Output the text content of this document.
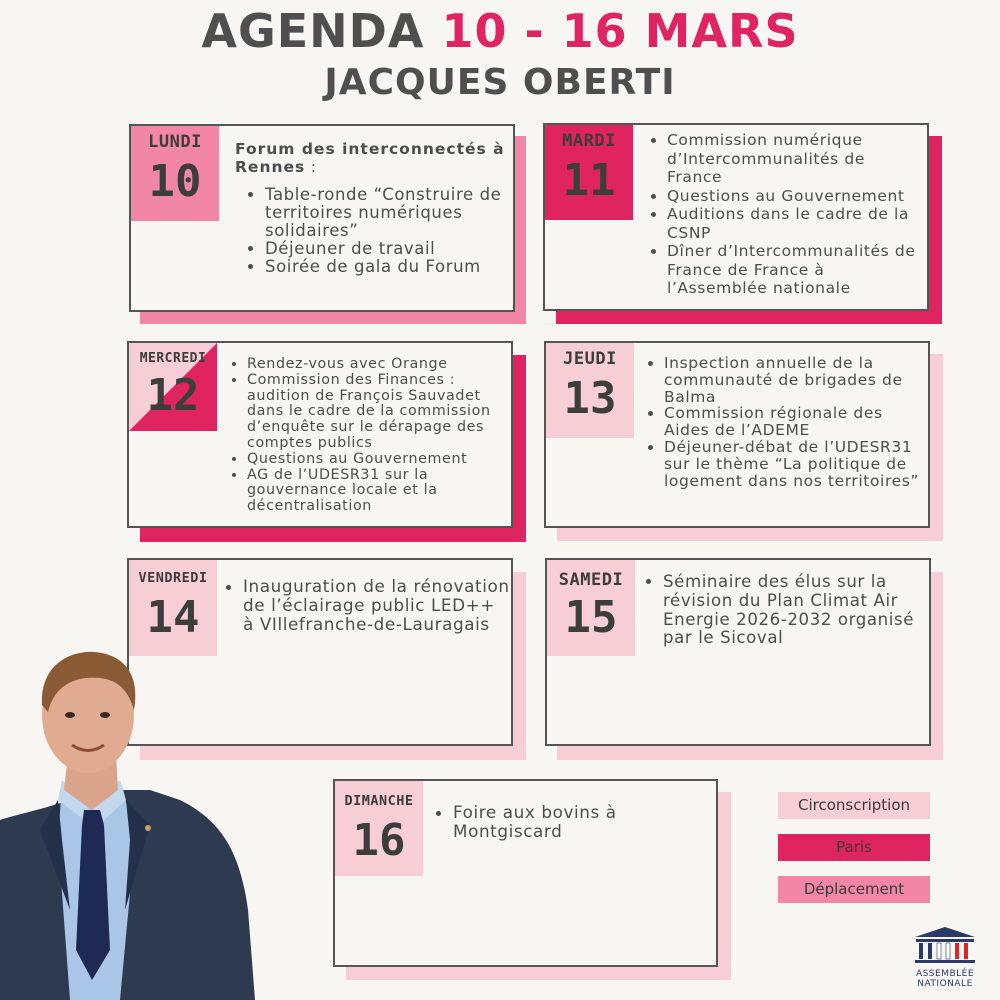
AGENDA 10 - 16 MARS
JACQUES OBERTI
LUNDI
10
Forum des interconnectés à Rennes :
• Table-ronde “Construire de territoires numériques solidaires”
• Déjeuner de travail
• Soirée de gala du Forum
MARDI
11
• Commission numérique d’Intercommunalités de France
• Questions au Gouvernement
• Auditions dans le cadre de la CSNP
• Dîner d’Intercommunalités de France de France à l’Assemblée nationale
MERCREDI
12
• Rendez-vous avec Orange
• Commission des Finances : audition de François Sauvadet dans le cadre de la commission d’enquête sur le dérapage des comptes publics
• Questions au Gouvernement
• AG de l’UDESR31 sur la gouvernance locale et la décentralisation
JEUDI
13
• Inspection annuelle de la communauté de brigades de Balma
• Commission régionale des Aides de l’ADEME
• Déjeuner-débat de l’UDESR31 sur le thème “La politique de logement dans nos territoires”
VENDREDI
14
• Inauguration de la rénovation de l’éclairage public LED++ à VIllefranche-de-Lauragais
SAMEDI
15
• Séminaire des élus sur la révision du Plan Climat Air Energie 2026-2032 organisé par le Sicoval
DIMANCHE
16
• Foire aux bovins à Montgiscard
Circonscription
Paris
Déplacement
ASSEMBLÉE
NATIONALE
